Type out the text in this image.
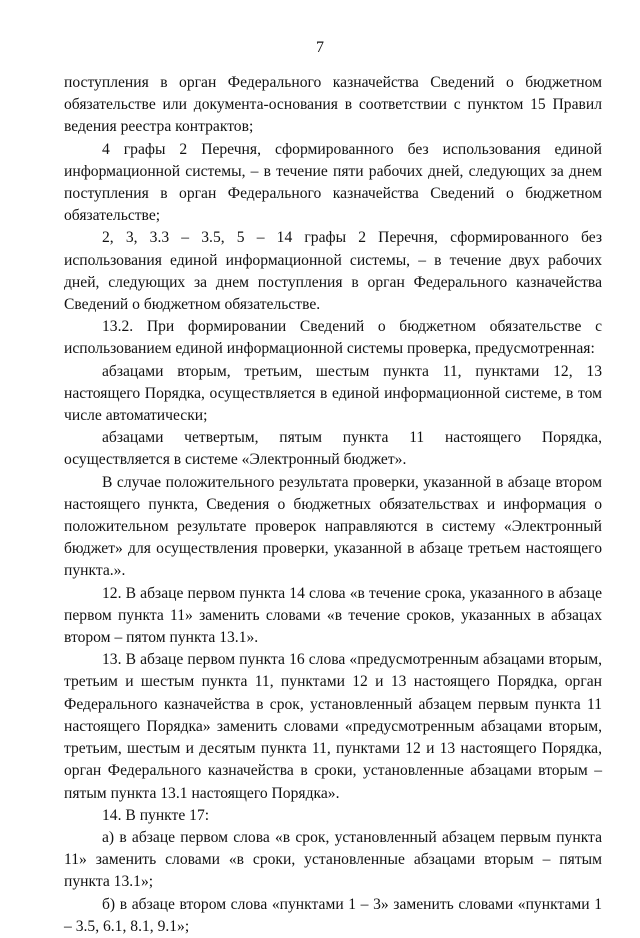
7

поступления в орган Федерального казначейства Сведений о бюджетном обязательстве или документа-основания в соответствии с пунктом 15 Правил ведения реестра контрактов;

4 графы 2 Перечня, сформированного без использования единой информационной системы, – в течение пяти рабочих дней, следующих за днем поступления в орган Федерального казначейства Сведений о бюджетном обязательстве;

2, 3, 3.3 – 3.5, 5 – 14 графы 2 Перечня, сформированного без использования единой информационной системы, – в течение двух рабочих дней, следующих за днем поступления в орган Федерального казначейства Сведений о бюджетном обязательстве.

13.2. При формировании Сведений о бюджетном обязательстве с использованием единой информационной системы проверка, предусмотренная:

абзацами вторым, третьим, шестым пункта 11, пунктами 12, 13 настоящего Порядка, осуществляется в единой информационной системе, в том числе автоматически;

абзацами четвертым, пятым пункта 11 настоящего Порядка, осуществляется в системе «Электронный бюджет».

В случае положительного результата проверки, указанной в абзаце втором настоящего пункта, Сведения о бюджетных обязательствах и информация о положительном результате проверок направляются в систему «Электронный бюджет» для осуществления проверки, указанной в абзаце третьем настоящего пункта.».

12. В абзаце первом пункта 14 слова «в течение срока, указанного в абзаце первом пункта 11» заменить словами «в течение сроков, указанных в абзацах втором – пятом пункта 13.1».

13. В абзаце первом пункта 16 слова «предусмотренным абзацами вторым, третьим и шестым пункта 11, пунктами 12 и 13 настоящего Порядка, орган Федерального казначейства в срок, установленный абзацем первым пункта 11 настоящего Порядка» заменить словами «предусмотренным абзацами вторым, третьим, шестым и десятым пункта 11, пунктами 12 и 13 настоящего Порядка, орган Федерального казначейства в сроки, установленные абзацами вторым – пятым пункта 13.1 настоящего Порядка».

14. В пункте 17:

а) в абзаце первом слова «в срок, установленный абзацем первым пункта 11» заменить словами «в сроки, установленные абзацами вторым – пятым пункта 13.1»;

б) в абзаце втором слова «пунктами 1 – 3» заменить словами «пунктами 1 – 3.5, 6.1, 8.1, 9.1»;
